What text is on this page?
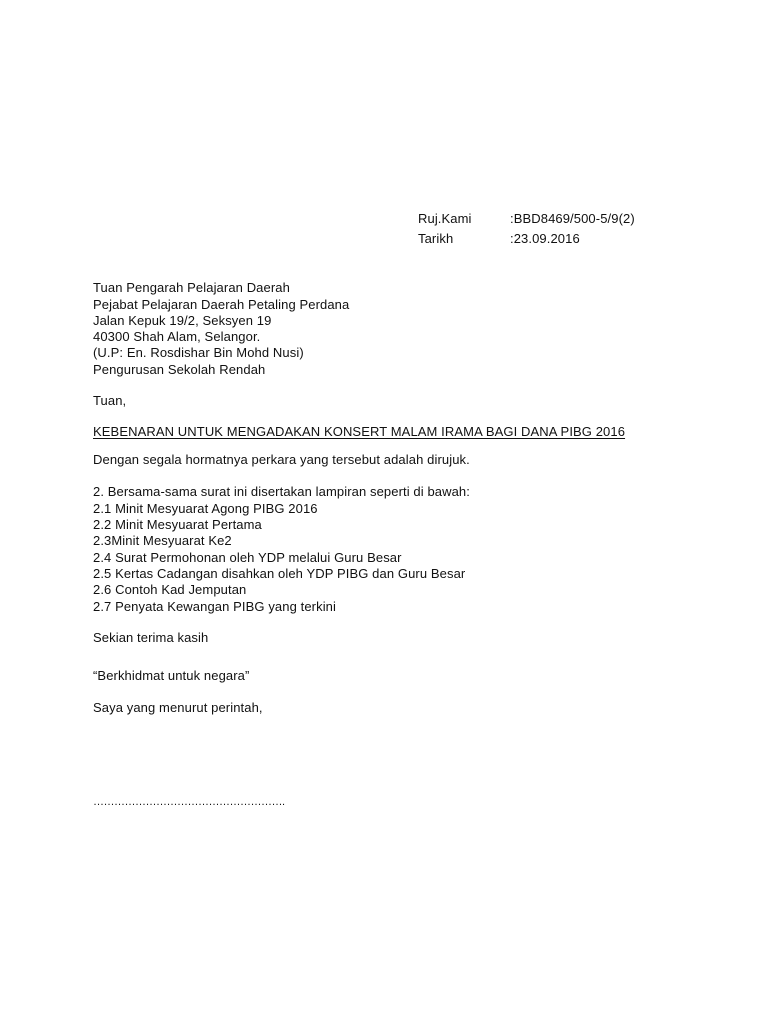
Ruj.Kami	:BBD8469/500-5/9(2)
Tarikh	:23.09.2016
Tuan Pengarah Pelajaran Daerah
Pejabat Pelajaran Daerah Petaling Perdana
Jalan Kepuk 19/2, Seksyen 19
40300 Shah Alam, Selangor.
(U.P: En. Rosdishar Bin Mohd Nusi)
Pengurusan Sekolah Rendah
Tuan,
KEBENARAN UNTUK MENGADAKAN KONSERT MALAM IRAMA BAGI DANA PIBG 2016
Dengan segala hormatnya perkara yang tersebut adalah dirujuk.
2. Bersama-sama surat ini disertakan lampiran seperti di bawah:
2.1 Minit Mesyuarat Agong PIBG 2016
2.2 Minit Mesyuarat Pertama
2.3Minit Mesyuarat Ke2
2.4 Surat Permohonan oleh YDP melalui Guru Besar
2.5 Kertas Cadangan disahkan oleh YDP PIBG dan Guru Besar
2.6 Contoh Kad Jemputan
2.7 Penyata Kewangan PIBG yang terkini
Sekian terima kasih
“Berkhidmat untuk negara”
Saya yang menurut perintah,
……………………………………………….
